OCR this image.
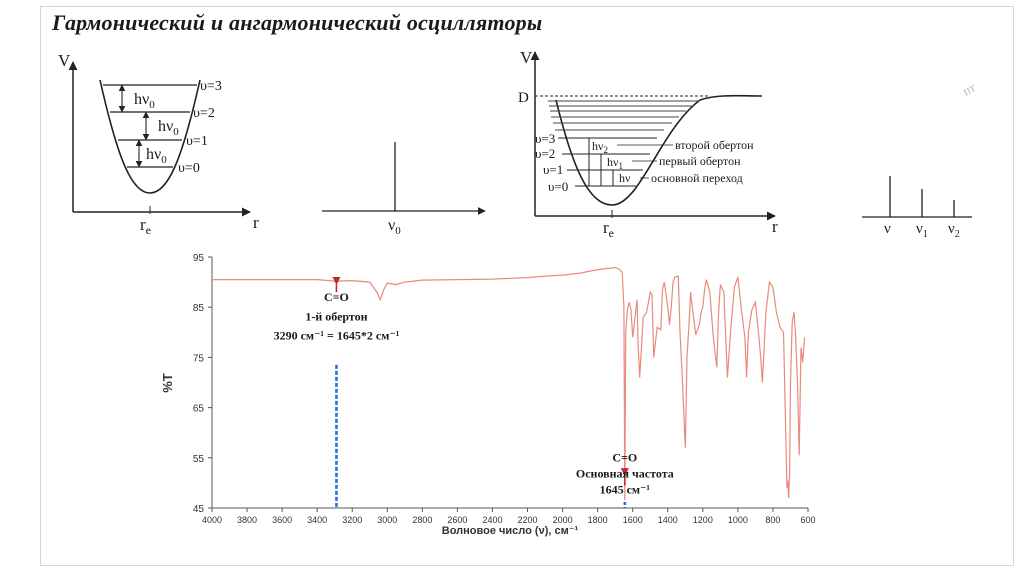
Гармонический и ангармонический осцилляторы
V
r
$r_e$
υ=3
υ=2
υ=1
υ=0
$h\nu_0$
$h\nu_0$
$h\nu_0$
$\nu_0$
V
r
D
υ=3
υ=2
υ=1
υ=0
$h\nu_2$
$h\nu_1$
hν
второй обертон
первый обертон
основной переход
$r_e$
ПТ
ν $\nu_1$ $\nu_2$
4000 3800 3600 3400 3200 3000 2800 2600 2400 2200 2000 1800 1600 1400 1200 1000 800 600
95
85
75
65
55
45
Волновое число (ν), см⁻¹
%T
C=O
1-й обертон
3290 см⁻¹ = 1645*2 см⁻¹
C=O
Основная частота
1645 см⁻¹
